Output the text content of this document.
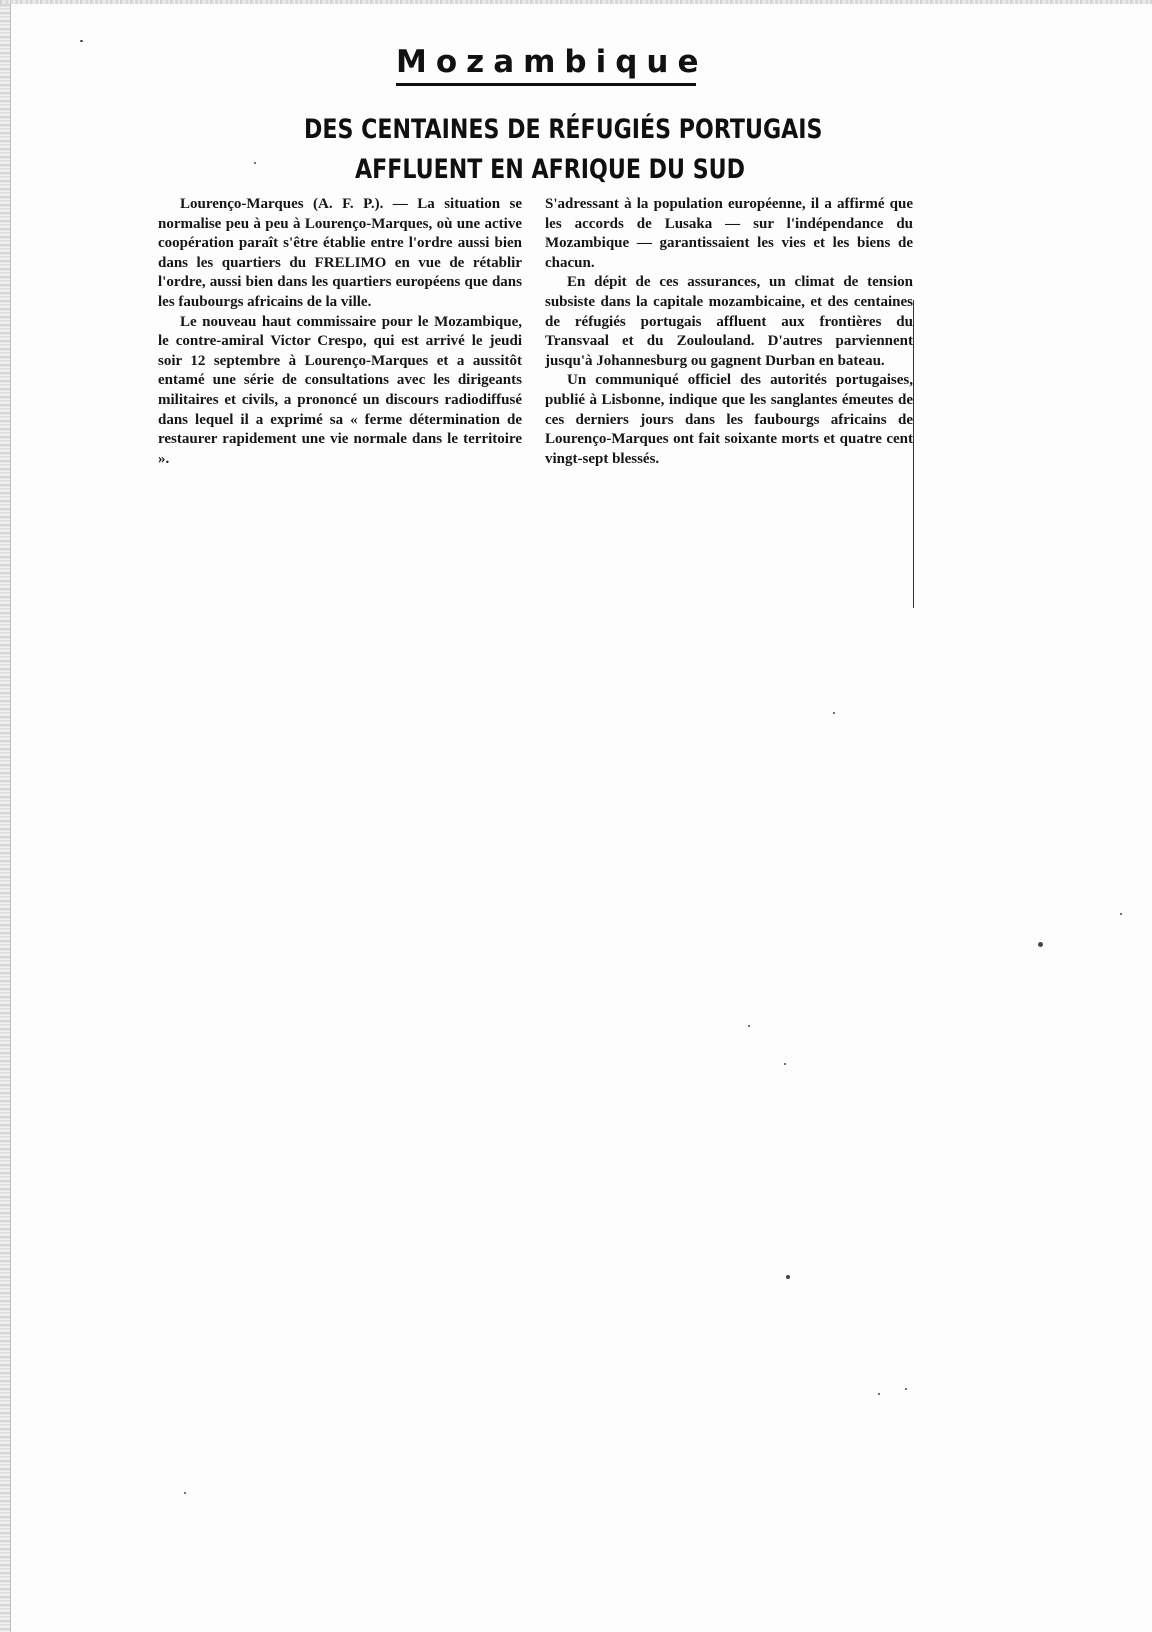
Mozambique
DES CENTAINES DE RÉFUGIÉS PORTUGAIS
AFFLUENT EN AFRIQUE DU SUD

Lourenço-Marques (A. F. P.). — La situation se normalise peu à peu à Lourenço-Marques, où une active coopération paraît s'être établie entre l'ordre aussi bien dans les quartiers du FRELIMO en vue de rétablir l'ordre, aussi bien dans les quartiers européens que dans les faubourgs africains de la ville.

Le nouveau haut commissaire pour le Mozambique, le contre-amiral Victor Crespo, qui est arrivé le jeudi soir 12 septembre à Lourenço-Marques et a aussitôt entamé une série de consultations avec les dirigeants militaires et civils, a prononcé un discours radiodiffusé dans lequel il a exprimé sa « ferme détermination de restaurer rapidement une vie normale dans le territoire ».

S'adressant à la population européenne, il a affirmé que les accords de Lusaka — sur l'indépendance du Mozambique — garantissaient les vies et les biens de chacun.

En dépit de ces assurances, un climat de tension subsiste dans la capitale mozambicaine, et des centaines de réfugiés portugais affluent aux frontières du Transvaal et du Zoulouland. D'autres parviennent jusqu'à Johannesburg ou gagnent Durban en bateau.

Un communiqué officiel des autorités portugaises, publié à Lisbonne, indique que les sanglantes émeutes de ces derniers jours dans les faubourgs africains de Lourenço-Marques ont fait soixante morts et quatre cent vingt-sept blessés.
